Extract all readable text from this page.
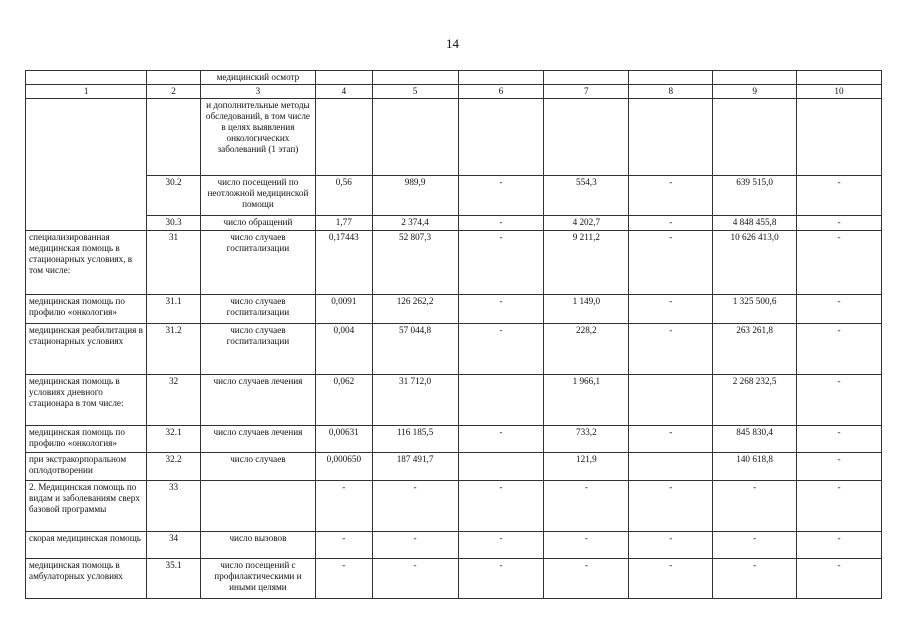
14
		медицинский осмотр							
1	2	3	4	5	6	7	8	9	10
		и дополнительные методы обследований, в том числе в целях выявления онкологических заболеваний (1 этап)							
	30.2	число посещений по неотложной медицинской помощи	0,56	989,9	-	554,3	-	639 515,0	-
	30.3	число обращений	1,77	2 374,4	-	4 202,7	-	4 848 455,8	-
специализированная медицинская помощь в стационарных условиях, в том числе:	31	число случаев госпитализации	0,17443	52 807,3	-	9 211,2	-	10 626 413,0	-
медицинская помощь по профилю «онкология»	31.1	число случаев госпитализации	0,0091	126 262,2	-	1 149,0	-	1 325 500,6	-
медицинская реабилитация в стационарных условиях	31.2	число случаев госпитализации	0,004	57 044,8	-	228,2	-	263 261,8	-
медицинская помощь в условиях дневного стационара в том числе:	32	число случаев лечения	0,062	31 712,0		1 966,1		2 268 232,5	-
медицинская помощь по профилю «онкология»	32.1	число случаев лечения	0,00631	116 185,5	-	733,2	-	845 830,4	-
при экстракорпоральном оплодотворении	32.2	число случаев	0,000650	187 491,7		121,9		140 618,8	-
2. Медицинская помощь по видам и заболеваниям сверх базовой программы	33		-	-	-	-	-	-	-
скорая медицинская помощь	34	число вызовов	-	-	-	-	-	-	-
медицинская помощь в амбулаторных условиях	35.1	число посещений с профилактическими и иными целями	-	-	-	-	-	-	-
